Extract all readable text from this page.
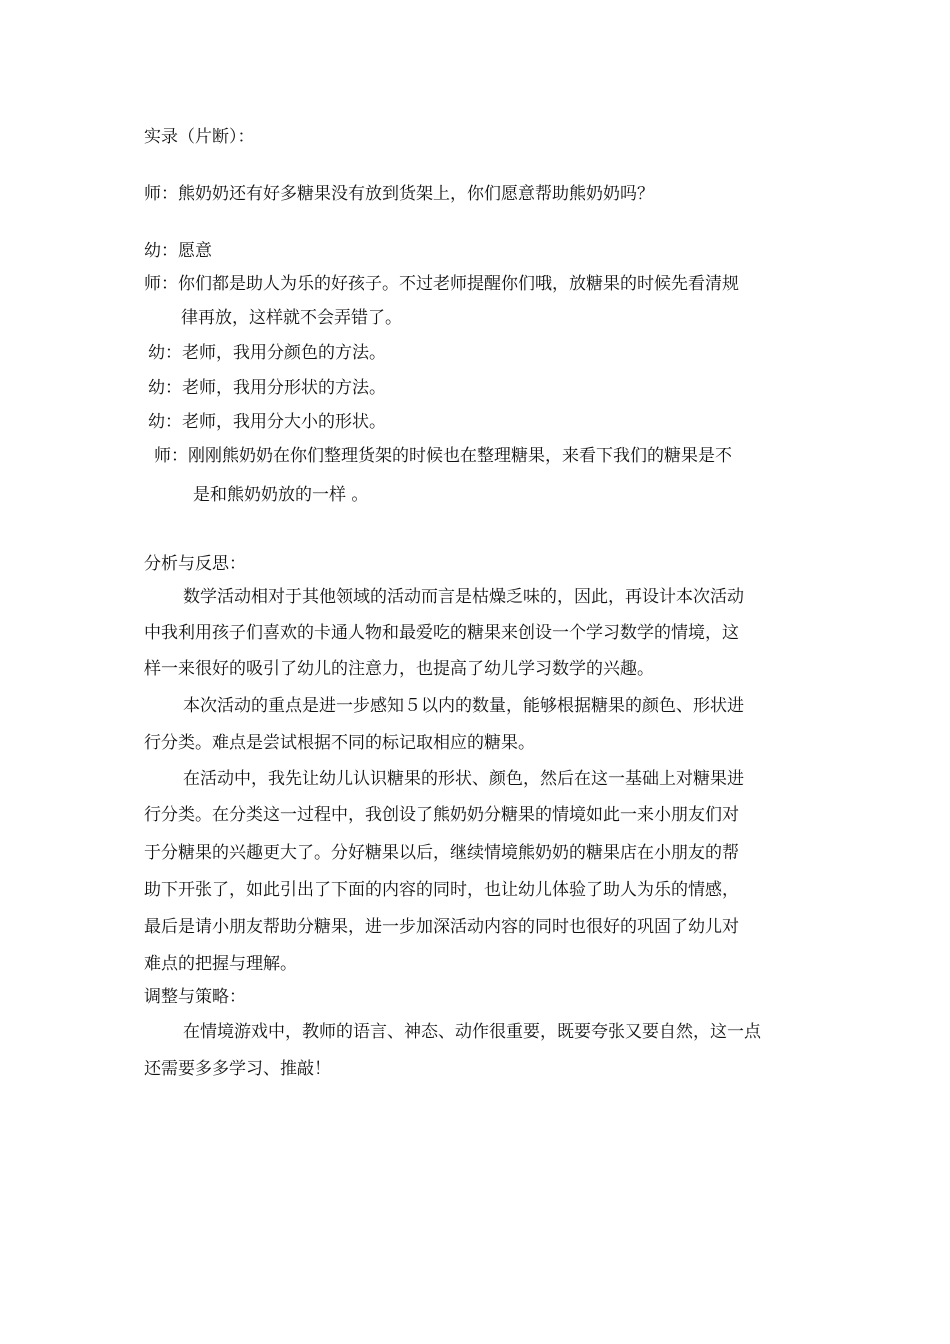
实录（片断）：
师：熊奶奶还有好多糖果没有放到货架上，你们愿意帮助熊奶奶吗？
幼：愿意
师：你们都是助人为乐的好孩子。不过老师提醒你们哦，放糖果的时候先看清规
律再放，这样就不会弄错了。
幼：老师，我用分颜色的方法。
幼：老师，我用分形状的方法。
幼：老师，我用分大小的形状。
师：刚刚熊奶奶在你们整理货架的时候也在整理糖果，来看下我们的糖果是不
是和熊奶奶放的一样 。
分析与反思：
数学活动相对于其他领域的活动而言是枯燥乏味的，因此，再设计本次活动
中我利用孩子们喜欢的卡通人物和最爱吃的糖果来创设一个学习数学的情境，这
样一来很好的吸引了幼儿的注意力，也提高了幼儿学习数学的兴趣。
本次活动的重点是进一步感知５以内的数量，能够根据糖果的颜色、形状进
行分类。难点是尝试根据不同的标记取相应的糖果。
在活动中，我先让幼儿认识糖果的形状、颜色，然后在这一基础上对糖果进
行分类。在分类这一过程中，我创设了熊奶奶分糖果的情境如此一来小朋友们对
于分糖果的兴趣更大了。分好糖果以后，继续情境熊奶奶的糖果店在小朋友的帮
助下开张了，如此引出了下面的内容的同时，也让幼儿体验了助人为乐的情感，
最后是请小朋友帮助分糖果，进一步加深活动内容的同时也很好的巩固了幼儿对
难点的把握与理解。
调整与策略：
在情境游戏中，教师的语言、神态、动作很重要，既要夸张又要自然，这一点
还需要多多学习、推敲！
